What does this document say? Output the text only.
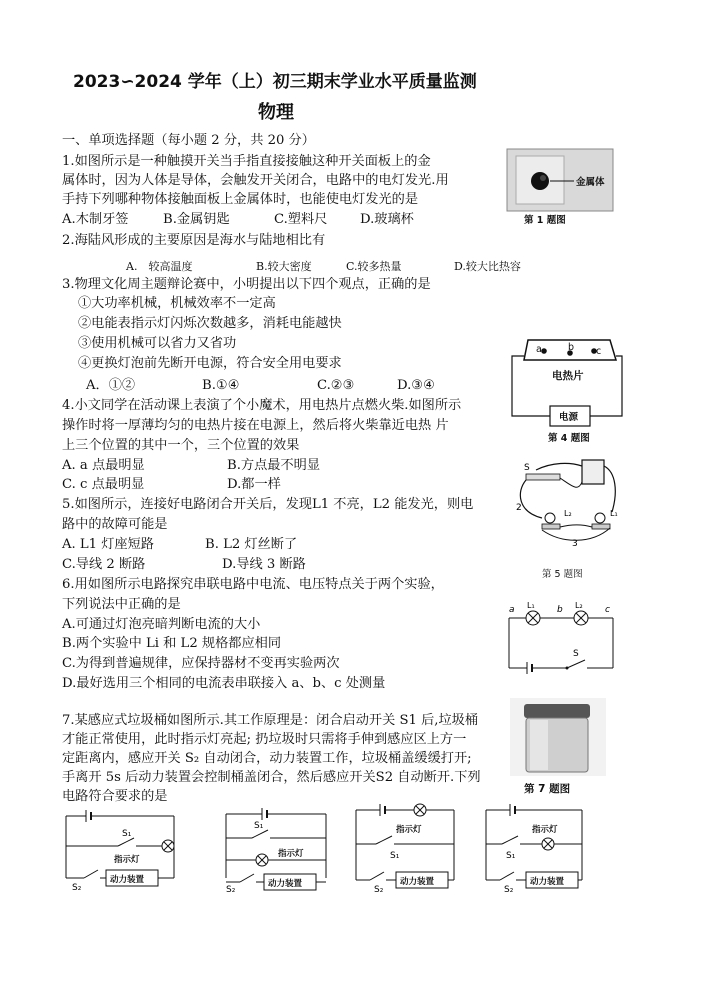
2023∽2024 学年（上）初三期末学业水平质量监测
物理
一、单项选择题（每小题 2 分，共 20 分）
1.如图所示是一种触摸开关当手指直接接触这种开关面板上的金
属体时，因为人体是导体，会触发开关闭合，电路中的电灯发光.用
手持下列哪种物体接触面板上金属体时，也能使电灯发光的是
A.木制牙签	B.金属钥匙	C.塑料尺 D.玻璃杯
金属体
第 1 题图
2.海陆风形成的主要原因是海水与陆地相比有
A.　较高温度	B.较大密度	C.较多热量	D.较大比热容
3.物理文化周主题辩论赛中，小明提出以下四个观点，正确的是
①大功率机械，机械效率不一定高
②电能表指示灯闪烁次数越多，消耗电能越快
③使用机械可以省力又省功
④更换灯泡前先断开电源，符合安全用电要求
A．①②	B.①④	C.②③	D.③④
a	b c
电热片
电源
第 4 题图
4.小文同学在活动课上表演了个小魔术，用电热片点燃火柴.如图所示
操作时将一厚薄均匀的电热片接在电源上，然后将火柴靠近电热 片
上三个位置的其中一个，三个位置的效果
A. a 点最明显	B.方点最不明显
C. c 点最明显	D.都一样
S
2
L₂	L₁
3
第 5 题图
5.如图所示，连接好电路闭合开关后，发现L1 不亮，L2 能发光，则电
路中的故障可能是
A. L1 灯座短路	B. L2 灯丝断了
C.导线 2 断路	D.导线 3 断路
6.用如图所示电路探究串联电路中电流、电压特点关于两个实验，
下列说法中正确的是
A.可通过灯泡亮暗判断电流的大小
B.两个实验中 Li 和 L2 规格都应相同
C.为得到普遍规律，应保持器材不变再实验两次
D.最好选用三个相同的电流表串联接入 a、b、c 处测量
a L₁ b L₂ c
S
第 7 题图
7.某感应式垃圾桶如图所示.其工作原理是：闭合启动开关 S1 后,垃圾桶
才能正常使用，此时指示灯亮起; 扔垃圾时只需将手伸到感应区上方一
定距离内，感应开关 S₂ 自动闭合，动力装置工作，垃圾桶盖缓缓打开;
手离开 5s 后动力装置会控制桶盖闭合，然后感应开关S2 自动断开.下列
电路符合要求的是
S₁
S₂
指示灯
动力装置
S₁
S₂
指示灯
动力装置
S₁
S₂
指示灯
动力装置
S₁
S₂
指示灯
动力装置
